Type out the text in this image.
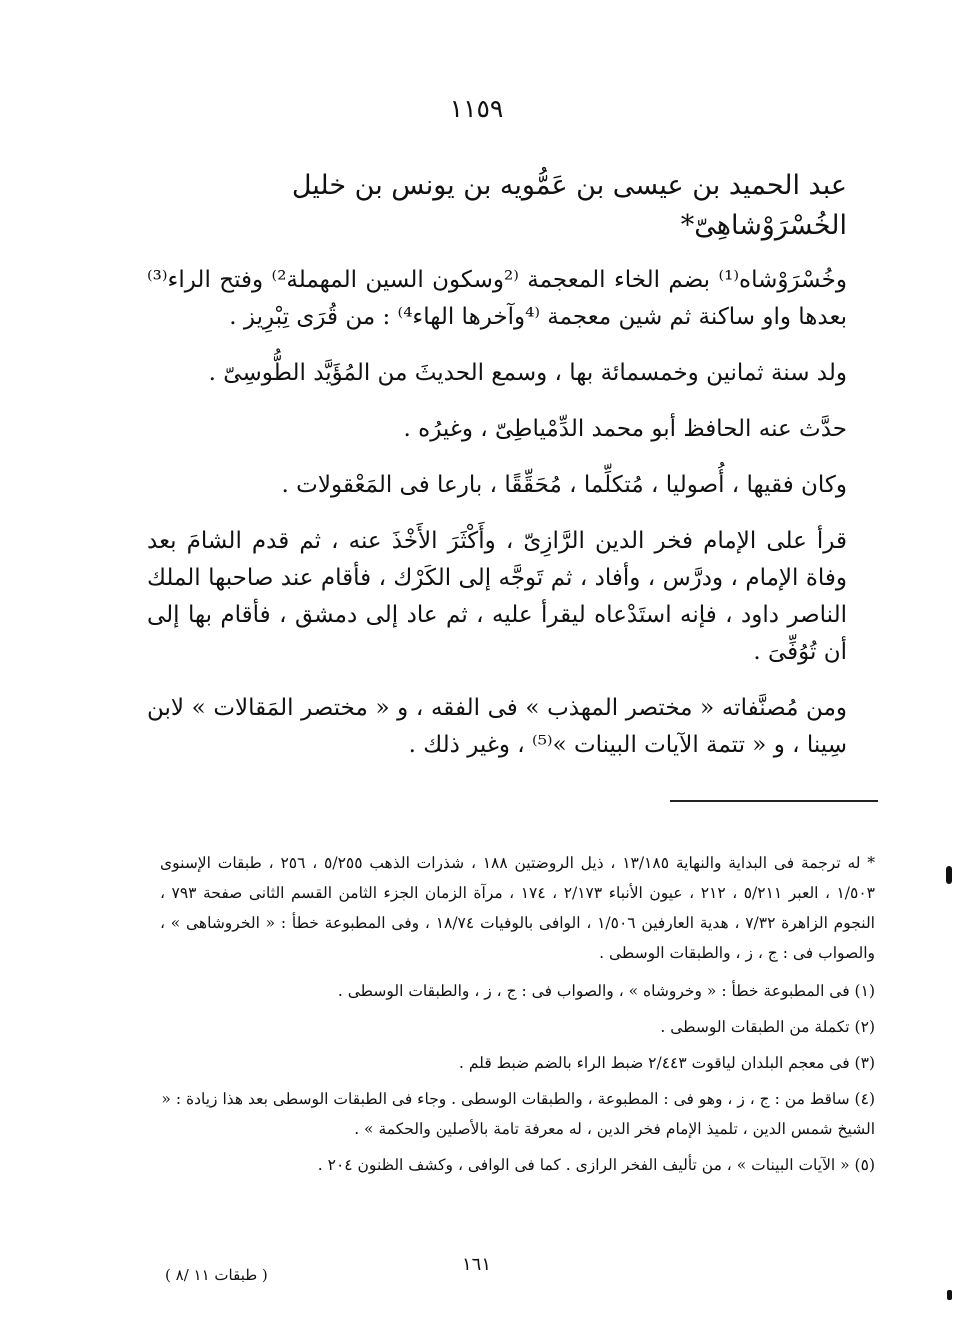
١١٥٩

عبد الحميد بن عيسى بن عَمُّويه بن يونس بن خليل الخُسْرَوْشاهِىّ*

وخُسْرَوْشاه⁽¹⁾ بضم الخاء المعجمة ⁽²وسكون السين المهملة²⁾ وفتح الراء⁽³⁾ بعدها واو ساكنة ثم شين معجمة ⁽⁴وآخرها الهاء⁴⁾ : من قُرَى تِبْرِيز .

ولد سنة ثمانين وخمسمائة بها ، وسمع الحديثَ من المُؤَيَّد الطُّوسِىّ .

حدَّث عنه الحافظ أبو محمد الدِّمْياطِىّ ، وغيرُه .

وكان فقيها ، أُصوليا ، مُتكلِّما ، مُحَقِّقًا ، بارعا فى المَعْقولات .

قرأ على الإمام فخر الدين الرَّازِىّ ، وأَكْثَرَ الأَخْذَ عنه ، ثم قدم الشامَ بعد وفاة الإمام ، ودرَّس ، وأفاد ، ثم تَوجَّه إلى الكَرْك ، فأقام عند صاحبها الملك الناصر داود ، فإنه استَدْعاه ليقرأ عليه ، ثم عاد إلى دمشق ، فأقام بها إلى أن تُوُفِّىَ .

ومن مُصنَّفاته « مختصر المهذب » فى الفقه ، و « مختصر المَقالات » لابن سِينا ، و « تتمة الآيات البينات »⁽⁵⁾ ، وغير ذلك .

* له ترجمة فى البداية والنهاية ١٣/١٨٥ ، ذيل الروضتين ١٨٨ ، شذرات الذهب ٥/٢٥٥ ، ٢٥٦ ، طبقات الإسنوى ١/٥٠٣ ، العبر ٥/٢١١ ، ٢١٢ ، عيون الأنباء ٢/١٧٣ ، ١٧٤ ، مرآة الزمان الجزء الثامن القسم الثانى صفحة ٧٩٣ ، النجوم الزاهرة ٧/٣٢ ، هدية العارفين ١/٥٠٦ ، الوافى بالوفيات ١٨/٧٤ ، وفى المطبوعة خطأ : « الخروشاهى » ، والصواب فى : ج ، ز ، والطبقات الوسطى .

(١) فى المطبوعة خطأ : « وخروشاه » ، والصواب فى : ج ، ز ، والطبقات الوسطى .

(٢) تكملة من الطبقات الوسطى .

(٣) فى معجم البلدان لياقوت ٢/٤٤٣ ضبط الراء بالضم ضبط قلم .

(٤) ساقط من : ج ، ز ، وهو فى : المطبوعة ، والطبقات الوسطى . وجاء فى الطبقات الوسطى بعد هذا زيادة : « الشيخ شمس الدين ، تلميذ الإمام فخر الدين ، له معرفة تامة بالأصلين والحكمة » .

(٥) « الآيات البينات » ، من تأليف الفخر الرازى . كما فى الوافى ، وكشف الظنون ٢٠٤ .

١٦١
( طبقات ١١ /٨ )
